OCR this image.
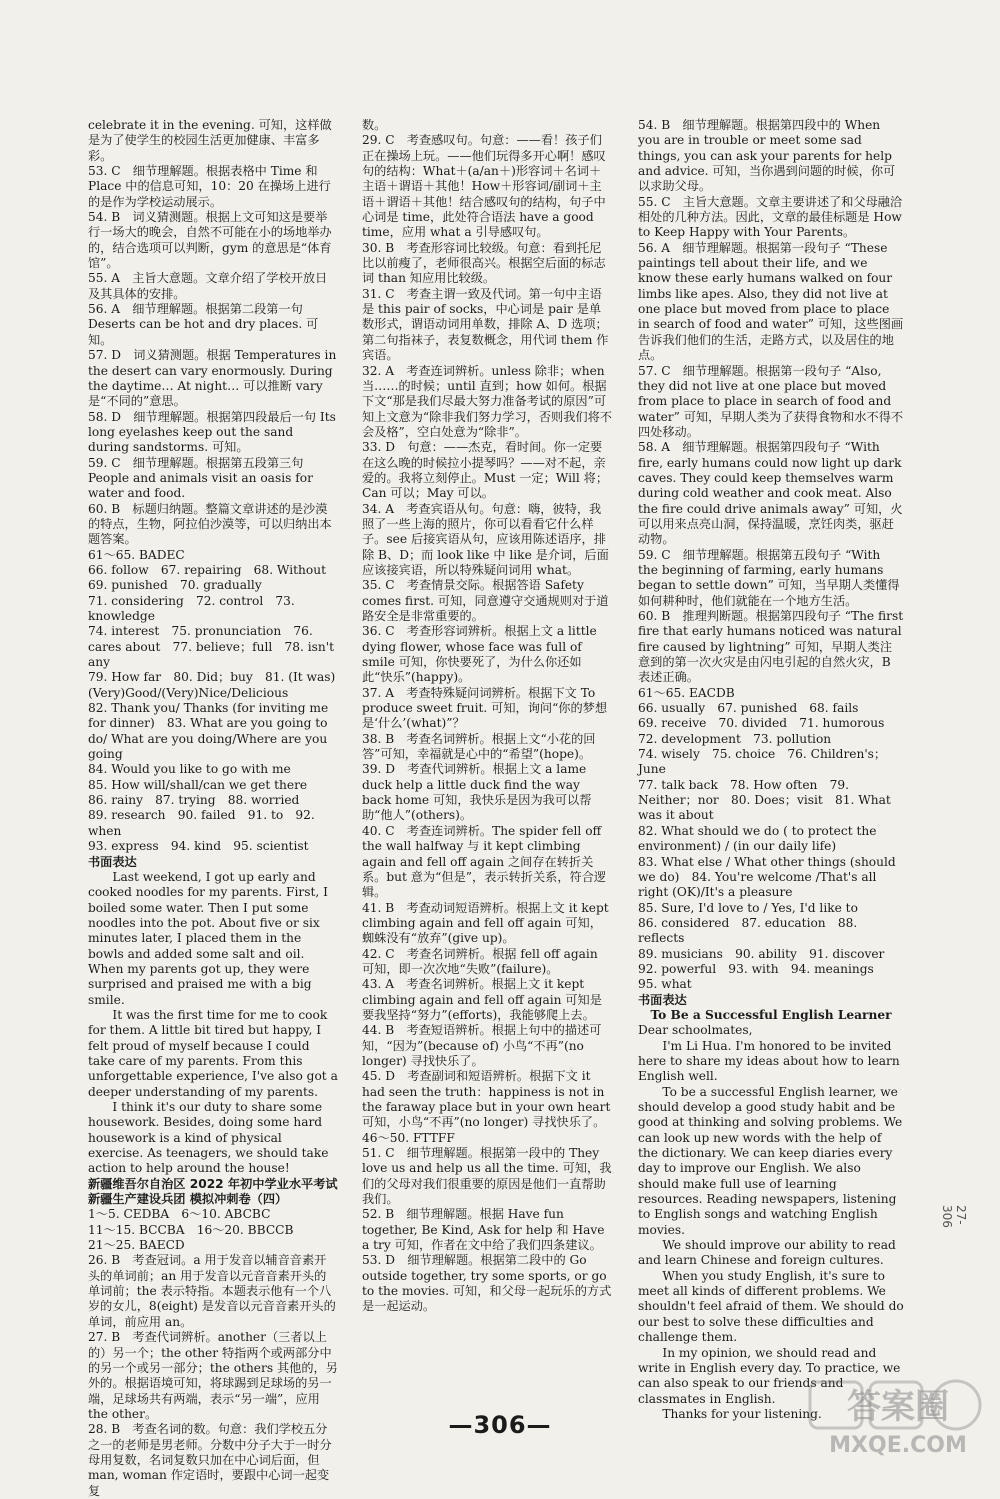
celebrate it in the evening. 可知，这样做是为了使学生的校园生活更加健康、丰富多彩。

53. C　细节理解题。根据表格中 Time 和 Place 中的信息可知，10：20 在操场上进行的是作为学校运动展示。

54. B　词义猜测题。根据上文可知这是要举行一场大的晚会，自然不可能在小的场地举办的，结合选项可以判断，gym 的意思是“体育馆”。

55. A　主旨大意题。文章介绍了学校开放日及其具体的安排。

56. A　细节理解题。根据第二段第一句 Deserts can be hot and dry places. 可知。

57. D　词义猜测题。根据 Temperatures in the desert can vary enormously. During the daytime… At night… 可以推断 vary 是“不同的”意思。

58. D　细节理解题。根据第四段最后一句 Its long eyelashes keep out the sand during sandstorms. 可知。

59. C　细节理解题。根据第五段第三句 People and animals visit an oasis for water and food.

60. B　标题归纳题。整篇文章讲述的是沙漠的特点，生物，阿拉伯沙漠等，可以归纳出本题答案。

61～65. BADEC

66. follow　67. repairing　68. Without

69. punished　70. gradually

71. considering　72. control　73. knowledge

74. interest　75. pronunciation　76. cares about　77. believe；full　78. isn't any

79. How far　80. Did；buy　81. (It was) (Very)Good/(Very)Nice/Delicious

82. Thank you/ Thanks (for inviting me for dinner)　83. What are you going to do/ What are you doing/Where are you going

84. Would you like to go with me

85. How will/shall/can we get there

86. rainy　87. trying　88. worried

89. research　90. failed　91. to　92. when

93. express　94. kind　95. scientist

书面表达

Last weekend, I got up early and cooked noodles for my parents. First, I boiled some water. Then I put some noodles into the pot. About five or six minutes later, I placed them in the bowls and added some salt and oil. When my parents got up, they were surprised and praised me with a big smile.

It was the first time for me to cook for them. A little bit tired but happy, I felt proud of myself because I could take care of my parents. From this unforgettable experience, I've also got a deeper understanding of my parents.

I think it's our duty to share some housework. Besides, doing some hard housework is a kind of physical exercise. As teenagers, we should take action to help around the house!

新疆维吾尔自治区 2022 年初中学业水平考试 新疆生产建设兵团 模拟冲刺卷（四）

1～5. CEDBA　6～10. ABCBC

11～15. BCCBA　16～20. BBCCB

21～25. BAECD

26. B　考查冠词。a 用于发音以辅音音素开头的单词前；an 用于发音以元音音素开头的单词前；the 表示特指。本题表示他有一个八岁的女儿，8(eight) 是发音以元音音素开头的单词，前应用 an。

27. B　考查代词辨析。another（三者以上的）另一个；the other 特指两个或两部分中的另一个或另一部分；the others 其他的，另外的。根据语境可知，将球踢到足球场的另一端，足球场共有两端，表示“另一端”，应用 the other。

28. B　考查名词的数。句意：我们学校五分之一的老师是男老师。分数中分子大于一时分母用复数，名词复数只加在中心词后面，但 man, woman 作定语时，要跟中心词一起变复

数。

29. C　考查感叹句。句意：——看！孩子们正在操场上玩。——他们玩得多开心啊！感叹句的结构：What＋(a/an＋)形容词＋名词＋主语＋谓语＋其他！How＋形容词/副词＋主语＋谓语＋其他！结合感叹句的结构，句子中心词是 time，此处符合语法 have a good time，应用 what a 引导感叹句。

30. B　考查形容词比较级。句意：看到托尼比以前瘦了，老师很高兴。根据空后面的标志词 than 知应用比较级。

31. C　考查主谓一致及代词。第一句中主语是 this pair of socks，中心词是 pair 是单数形式，谓语动词用单数，排除 A、D 选项；第二句指袜子，表复数概念，用代词 them 作宾语。

32. A　考查连词辨析。unless 除非；when 当……的时候；until 直到；how 如何。根据下文“那是我们尽最大努力准备考试的原因”可知上文意为“除非我们努力学习，否则我们将不会及格”，空白处意为“除非”。

33. D　句意：——杰克，看时间。你一定要在这么晚的时候拉小提琴吗？——对不起，亲爱的。我将立刻停止。Must 一定；Will 将；Can 可以；May 可以。

34. A　考查宾语从句。句意：嗨，彼特，我照了一些上海的照片，你可以看看它什么样子。see 后接宾语从句，应该用陈述语序，排除 B、D；而 look like 中 like 是介词，后面应该接宾语，所以特殊疑问词用 what。

35. C　考查情景交际。根据答语 Safety comes first. 可知，同意遵守交通规则对于道路安全是非常重要的。

36. C　考查形容词辨析。根据上文 a little dying flower, whose face was full of smile 可知，你快要死了，为什么你还如此“快乐”(happy)。

37. A　考查特殊疑问词辨析。根据下文 To produce sweet fruit. 可知，询问“你的梦想是‘什么’(what)”？

38. B　考查名词辨析。根据上文“小花的回答”可知，幸福就是心中的“希望”(hope)。

39. D　考查代词辨析。根据上文 a lame duck help a little duck find the way back home 可知，我快乐是因为我可以帮助“他人”(others)。

40. C　考查连词辨析。The spider fell off the wall halfway 与 it kept climbing again and fell off again 之间存在转折关系。but 意为“但是”，表示转折关系，符合逻辑。

41. B　考查动词短语辨析。根据上文 it kept climbing again and fell off again 可知，蜘蛛没有“放弃”(give up)。

42. C　考查名词辨析。根据 fell off again 可知，即一次次地“失败”(failure)。

43. A　考查名词辨析。根据上文 it kept climbing again and fell off again 可知是要我坚持“努力”(efforts)，我能够爬上去。

44. B　考查短语辨析。根据上句中的描述可知，“因为”(because of) 小鸟“不再”(no longer) 寻找快乐了。

45. D　考查副词和短语辨析。根据下文 it had seen the truth：happiness is not in the faraway place but in your own heart 可知，小鸟“不再”(no longer) 寻找快乐了。

46～50. FTTFF

51. C　细节理解题。根据第一段中的 They love us and help us all the time. 可知，我们的父母对我们很重要的原因是他们一直帮助我们。

52. B　细节理解题。根据 Have fun together, Be Kind, Ask for help 和 Have a try 可知，作者在文中给了我们四条建议。

53. D　细节理解题。根据第二段中的 Go outside together, try some sports, or go to the movies. 可知，和父母一起玩乐的方式是一起运动。

54. B　细节理解题。根据第四段中的 When you are in trouble or meet some sad things, you can ask your parents for help and advice. 可知，当你遇到问题的时候，你可以求助父母。

55. C　主旨大意题。文章主要讲述了和父母融洽相处的几种方法。因此，文章的最佳标题是 How to Keep Happy with Your Parents。

56. A　细节理解题。根据第一段句子 “These paintings tell about their life, and we know these early humans walked on four limbs like apes. Also, they did not live at one place but moved from place to place in search of food and water” 可知，这些图画告诉我们他们的生活，走路方式，以及居住的地点。

57. C　细节理解题。根据第一段句子 “Also, they did not live at one place but moved from place to place in search of food and water” 可知，早期人类为了获得食物和水不得不四处移动。

58. A　细节理解题。根据第四段句子 “With fire, early humans could now light up dark caves. They could keep themselves warm during cold weather and cook meat. Also the fire could drive animals away” 可知，火可以用来点亮山洞，保持温暖，烹饪肉类，驱赶动物。

59. C　细节理解题。根据第五段句子 “With the beginning of farming, early humans began to settle down” 可知，当早期人类懂得如何耕种时，他们就能在一个地方生活。

60. B　推理判断题。根据第四段句子 “The first fire that early humans noticed was natural fire caused by lightning” 可知，早期人类注意到的第一次火灾是由闪电引起的自然火灾，B 表述正确。

61～65. EACDB

66. usually　67. punished　68. fails

69. receive　70. divided　71. humorous

72. development　73. pollution

74. wisely　75. choice　76. Children's；June

77. talk back　78. How often　79. Neither；nor　80. Does；visit　81. What was it about

82. What should we do ( to protect the environment) / (in our daily life)

83. What else / What other things (should we do)　84. You're welcome /That's all right (OK)/It's a pleasure

85. Sure, I'd love to / Yes, I'd like to

86. considered　87. education　88. reflects

89. musicians　90. ability　91. discover

92. powerful　93. with　94. meanings

95. what

书面表达

To Be a Successful English Learner

Dear schoolmates,

I'm Li Hua. I'm honored to be invited here to share my ideas about how to learn English well.

To be a successful English learner, we should develop a good study habit and be good at thinking and solving problems. We can look up new words with the help of the dictionary. We can keep diaries every day to improve our English. We also should make full use of learning resources. Reading newspapers, listening to English songs and watching English movies.

We should improve our ability to read and learn Chinese and foreign cultures.

When you study English, it's sure to meet all kinds of different problems. We shouldn't feel afraid of them. We should do our best to solve these difficulties and challenge them.

In my opinion, we should read and write in English every day. To practice, we can also speak to our friends and classmates in English.

Thanks for your listening.

—306—
27-306
答案圈
MXQE.COM
